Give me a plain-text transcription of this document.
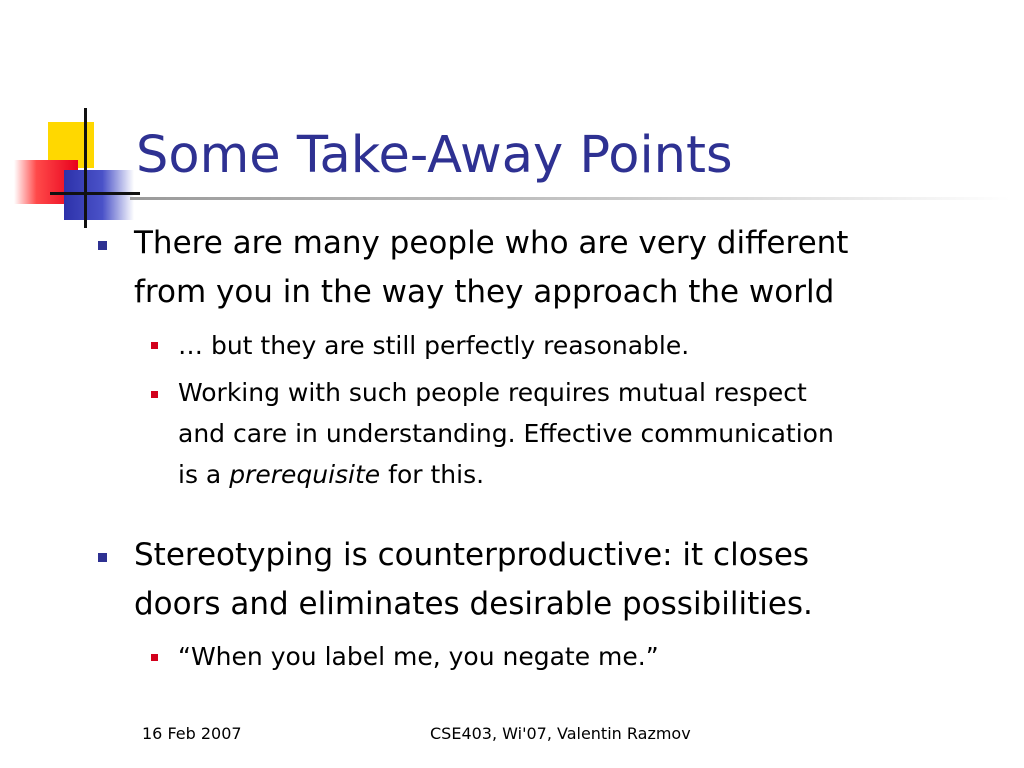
Some Take-Away Points
There are many people who are very different
from you in the way they approach the world
… but they are still perfectly reasonable.
Working with such people requires mutual respect
and care in understanding. Effective communication
is a prerequisite for this.
Stereotyping is counterproductive: it closes
doors and eliminates desirable possibilities.
“When you label me, you negate me.”
16 Feb 2007	CSE403, Wi'07, Valentin Razmov
